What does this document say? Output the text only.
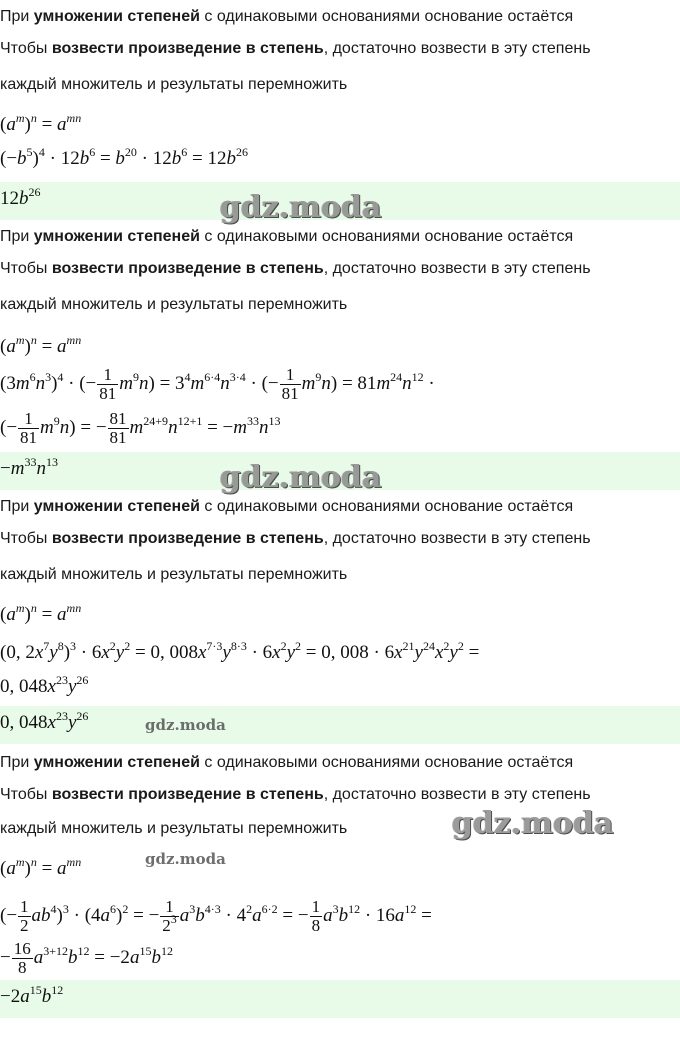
При умножении степеней с одинаковыми основаниями основание остаётся
Чтобы возвести произведение в степень, достаточно возвести в эту степень
каждый множитель и результаты перемножить
$(a^m)^n = a^{mn}$
$(-b^5)^4 \cdot 12b^6 = b^{20} \cdot 12b^6 = 12b^{26}$
$12b^{26}$	gdz.moda
При умножении степеней с одинаковыми основаниями основание остаётся
Чтобы возвести произведение в степень, достаточно возвести в эту степень
каждый множитель и результаты перемножить
$(a^m)^n = a^{mn}$
$(3m^6n^3)^4$ · (− $\frac{1}{81} m^9n) = 3^4m^{6\cdot 4}n^{3\cdot 4}$ · (− $\frac{1}{81} m^9n) = 81m^{24}n^{12}$ ·
(− $\frac{1}{81} m^9n$) = − $\frac{81}{81} m^{24+9}n^{12+1} = -m^{33}n^{13}$
$-m^{33}n^{13}$	gdz.moda
При умножении степеней с одинаковыми основаниями основание остаётся
Чтобы возвести произведение в степень, достаточно возвести в эту степень
каждый множитель и результаты перемножить
$(a^m)^n = a^{mn}$
(0, $2x^7y^8)^3 \cdot 6x^2y^2 = 0$, $008x^{7\cdot 3}y^{8\cdot 3} \cdot 6x^2y^2 = 0$, $008 \cdot 6x^{21}y^{24}x^2y^2$ =
0, $048x^{23}y^{26}$
0, $048x^{23}y^{26}$	gdz.moda
При умножении степеней с одинаковыми основаниями основание остаётся
Чтобы возвести произведение в степень, достаточно возвести в эту степень
каждый множитель и результаты перемножить	gdz.moda
$(a^m)^n = a^{mn}$	gdz.moda
(− $\frac{1}{2} ab^4)^3 \cdot (4a^6)^2$ = − $\frac{1}{2^3} a^3b^{4\cdot 3} \cdot 4^2a^{6\cdot 2}$ = − $\frac{1}{8} a^3b^{12} \cdot 16a^{12}$ =
− $\frac{16}{8} a^{3+12}b^{12} = -2a^{15}b^{12}$
$-2a^{15}b^{12}$
